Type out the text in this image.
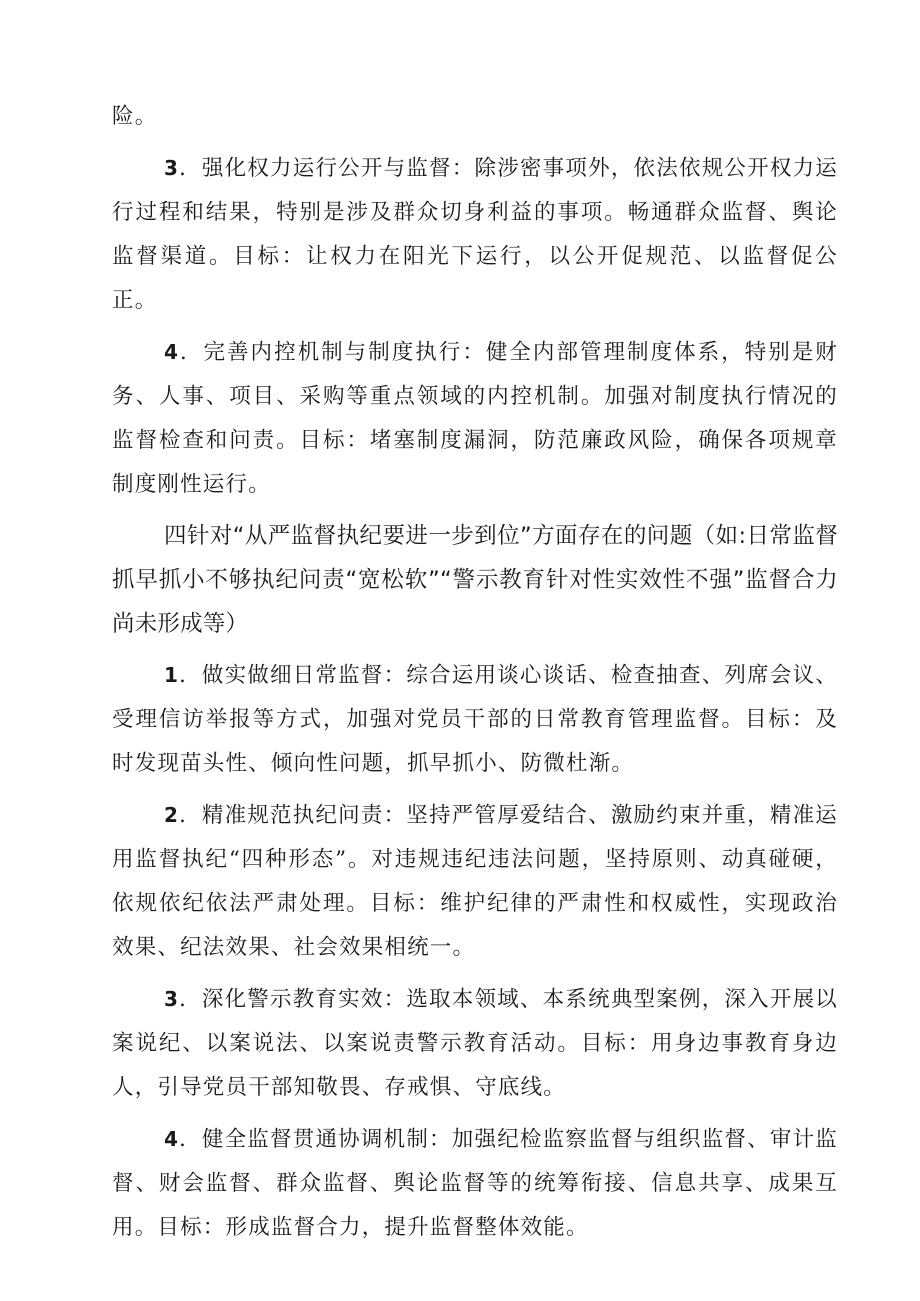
险。

3．强化权力运行公开与监督：除涉密事项外，依法依规公开权力运行过程和结果，特别是涉及群众切身利益的事项。畅通群众监督、舆论监督渠道。目标：让权力在阳光下运行，以公开促规范、以监督促公正。

4．完善内控机制与制度执行：健全内部管理制度体系，特别是财务、人事、项目、采购等重点领域的内控机制。加强对制度执行情况的监督检查和问责。目标：堵塞制度漏洞，防范廉政风险，确保各项规章制度刚性运行。

四针对“从严监督执纪要进一步到位”方面存在的问题（如:日常监督抓早抓小不够执纪问责“宽松软”“警示教育针对性实效性不强”监督合力尚未形成等）

1．做实做细日常监督：综合运用谈心谈话、检查抽查、列席会议、受理信访举报等方式，加强对党员干部的日常教育管理监督。目标：及时发现苗头性、倾向性问题，抓早抓小、防微杜渐。

2．精准规范执纪问责：坚持严管厚爱结合、激励约束并重，精准运用监督执纪“四种形态”。对违规违纪违法问题，坚持原则、动真碰硬，依规依纪依法严肃处理。目标：维护纪律的严肃性和权威性，实现政治效果、纪法效果、社会效果相统一。

3．深化警示教育实效：选取本领域、本系统典型案例，深入开展以案说纪、以案说法、以案说责警示教育活动。目标：用身边事教育身边人，引导党员干部知敬畏、存戒惧、守底线。

4．健全监督贯通协调机制：加强纪检监察监督与组织监督、审计监督、财会监督、群众监督、舆论监督等的统筹衔接、信息共享、成果互用。目标：形成监督合力，提升监督整体效能。
